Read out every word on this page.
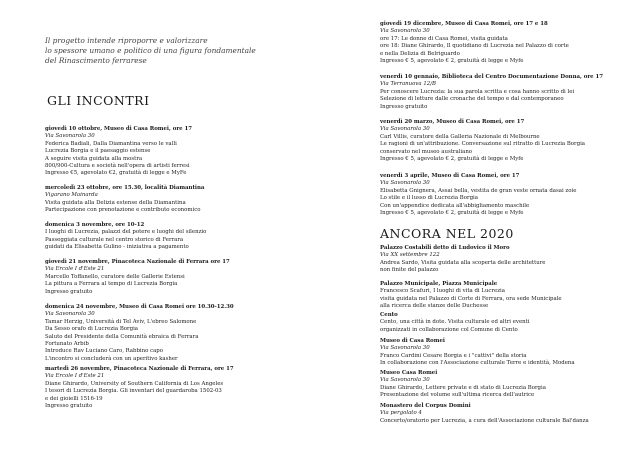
Il progetto intende riproporre e valorizzare
lo spessore umano e politico di una figura fondamentale
del Rinascimento ferrarese
GLI INCONTRI
giovedì 10 ottobre, Museo di Casa Romei, ore 17
Via Savonarola 30
Federica Badiali, Dalla Diamantina verso le valli
Lucrezia Borgia e il paesaggio estense
A seguire visita guidata alla mostra
800/900-Cultura e società nell'opera di artisti ferresi
Ingresso €5, agevolato €2, gratuità di legge e MyFe
mercoledì 23 ottobre, ore 15.30, località Diamantina
Vigarano Mainarda
Visita guidata alla Delizia estense della Diamantina
Partecipazione con prenotazione e contributo economico
domenica 3 novembre, ore 10-12
I luoghi di Lucrezia, palazzi del potere e luoghi del silenzio
Passeggiata culturale nel centro storico di Ferrara
guidati da Elisabetta Gulino - iniziativa a pagamento
giovedì 21 novembre, Pinacoteca Nazionale di Ferrara ore 17
Via Ercole I d'Este 21
Marcello Toffanello, curatore delle Gallerie Estensi
La pittura a Ferrara al tempo di Lucrezia Borgia
Ingresso gratuito
domenica 24 novembre, Museo di Casa Romei ore 10.30-12.30
Via Savonarola 30
Tamar Herzig, Università di Tel Aviv, L'ebreo Salomone
Da Sesso orafo di Lucrezia Borgia
Saluto del Presidente della Comunità ebraica di Ferrara
Fortunato Arbib
Introduce Rav Luciano Caro, Rabbino capo
L'incontro si concluderà con un aperitivo kasher
martedì 26 novembre, Pinacoteca Nazionale di Ferrara, ore 17
Via Ercole I d'Este 21
Diane Ghirardo, University of Southern California di Los Angeles
I tesori di Lucrezia Borgia. Gli inventari del guardaroba 1502-03
e dei gioielli 1516-19
Ingresso gratuito
giovedì 19 dicembre, Museo di Casa Romei, ore 17 e 18
Via Savonarola 30
ore 17: Le donne di Casa Romei, visita guidata
ore 18: Diane Ghirardo, Il quotidiano di Lucrezia nel Palazzo di corte
e nella Delizia di Belriguardo
Ingresso € 5, agevolato € 2, gratuità di legge e Myfe
venerdì 10 gennaio, Biblioteca del Centro Documentazione Donna, ore 17
Via Terranuova 12/B
Per conoscere Lucrezia: la sua parola scritta e cosa hanno scritto di lei
Selezione di letture dalle cronache del tempo e dal contemporaneo
Ingresso gratuito
venerdì 20 marzo, Museo di Casa Romei, ore 17
Via Savonarola 30
Carl Villis, curatore della Galleria Nazionale di Melbourne
Le ragioni di un'attribuzione. Conversazione sul ritratto di Lucrezia Borgia
conservato nel museo australiano
Ingresso € 5, agevolato € 2, gratuità di legge e Myfe
venerdì 3 aprile, Museo di Casa Romei, ore 17
Via Savonarola 30
Elisabetta Gnignera, Assai bella, vestita de gran veste ornata dasai zoie
Lo stile e il lusso di Lucrezia Borgia
Con un'appendice dedicata all'abbigliamento maschile
Ingresso € 5, agevolato € 2, gratuità di legge e Myfe
ANCORA NEL 2020
Palazzo Costabili detto di Ludovico il Moro
Via XX settembre 122
Andrea Sardo, Visita guidata alla scoperta delle architetture
non finite del palazzo
Palazzo Municipale, Piazza Municipale
Francesco Scafuri, I luoghi di vita di Lucrezia
visita guidata nel Palazzo di Corte di Ferrara, ora sede Municipale
alla ricerca delle stanze delle Duchesse
Cento
Cento, una città in dote. Visita culturale ed altri eventi
organizzati in collaborazione col Comune di Cento
Museo di Casa Romei
Via Savonarola 30
Franco Cardini Cesare Borgia e i "cattivi" della storia
In collaborazione con l'Associazione culturale Terre e identità, Modena
Museo Casa Romei
Via Savonarola 30
Diane Ghirardo, Lettere private e di stato di Lucrezia Borgia
Presentazione del volume sull'ultima ricerca dell'autrice
Monastero del Corpus Domini
Via pergolato 4
Concerto/oratorio per Lucrezia, a cura dell'Associazione culturale Bal'danza
